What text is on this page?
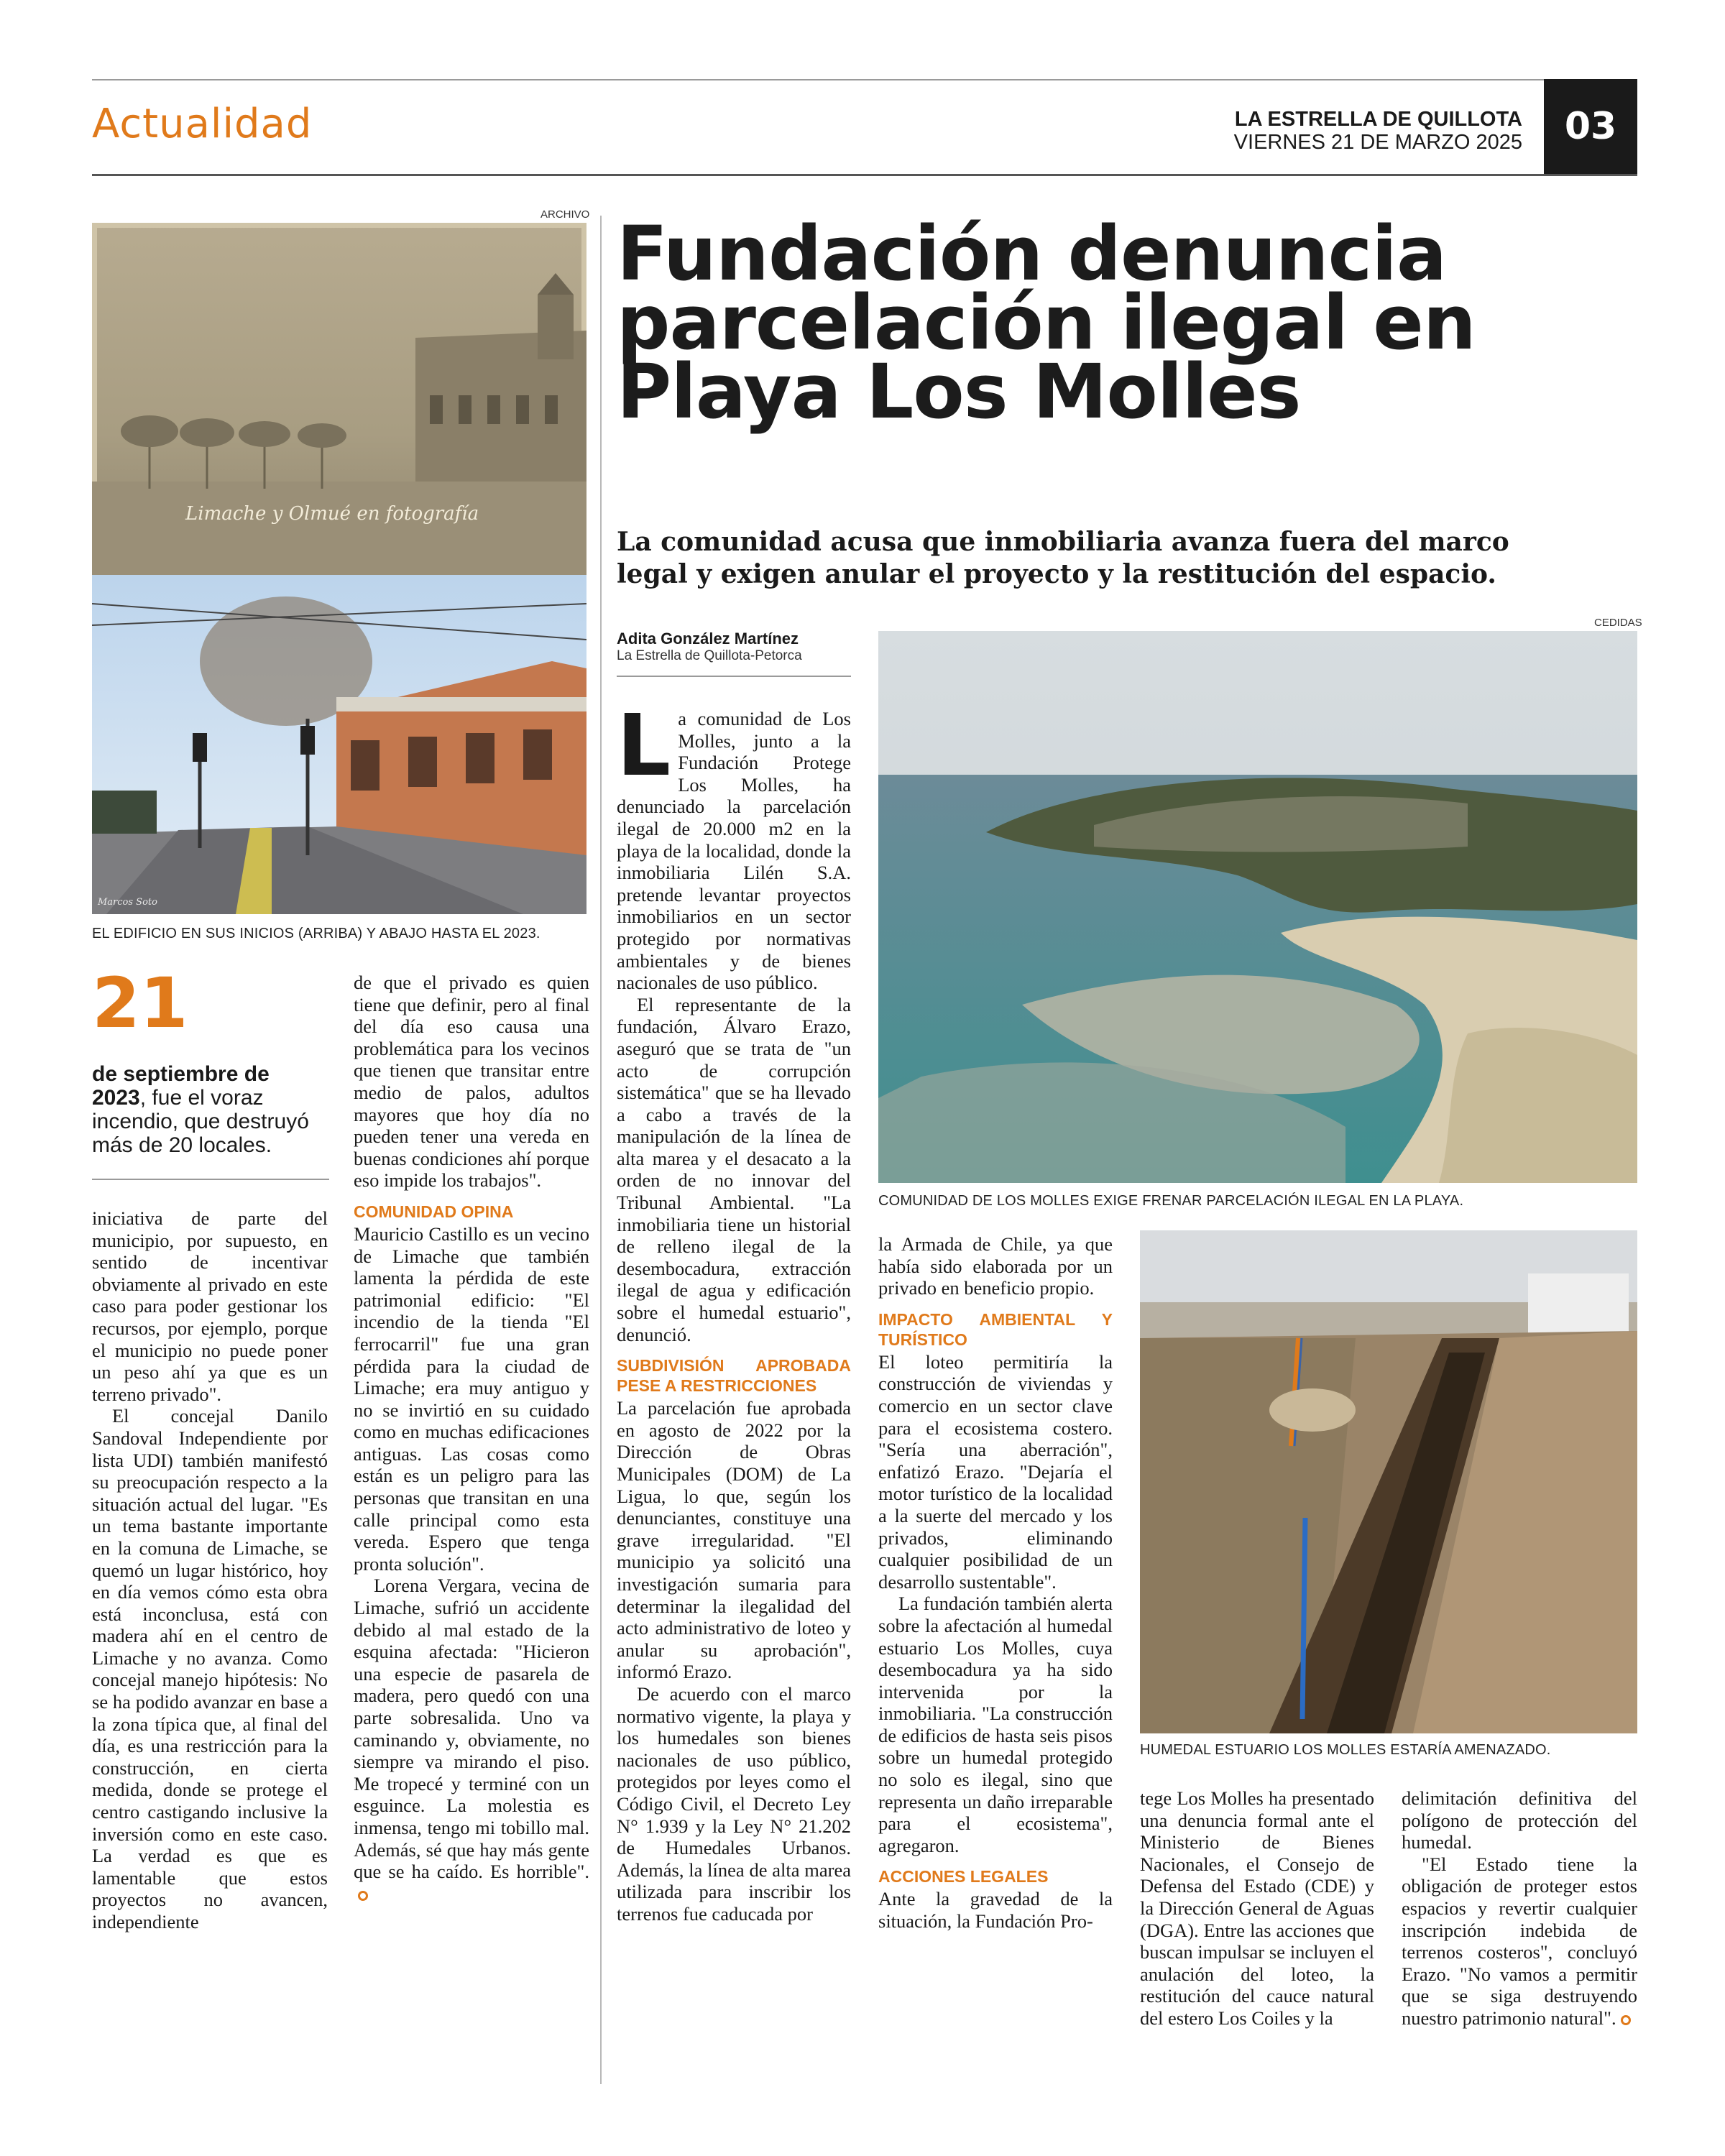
Actualidad	LA ESTRELLA DE QUILLOTA
VIERNES 21 DE MARZO 2025	03
ARCHIVO
Limache y Olmué en fotografía
Marcos Soto
EL EDIFICIO EN SUS INICIOS (ARRIBA) Y ABAJO HASTA EL 2023.
21
de septiembre de 2023, fue el voraz incendio, que destruyó más de 20 locales.

iniciativa de parte del municipio, por supuesto, en sentido de incentivar obviamente al privado en este caso para poder gestionar los recursos, por ejemplo, porque el municipio no puede poner un peso ahí ya que es un terreno privado".

El concejal Danilo Sandoval Independiente por lista UDI) también manifestó su preocupación respecto a la situación actual del lugar. "Es un tema bastante importante en la comuna de Limache, se quemó un lugar histórico, hoy en día vemos cómo esta obra está inconclusa, está con madera ahí en el centro de Limache y no avanza. Como concejal manejo hipótesis: No se ha podido avanzar en base a la zona típica que, al final del día, es una restricción para la construcción, en cierta medida, donde se protege el centro castigando inclusive la inversión como en este caso. La verdad es que es lamentable que estos proyectos no avancen, independiente

de que el privado es quien tiene que definir, pero al final del día eso causa una problemática para los vecinos que tienen que transitar entre medio de palos, adultos mayores que hoy día no pueden tener una vereda en buenas condiciones ahí porque eso impide los trabajos".

COMUNIDAD OPINA

Mauricio Castillo es un vecino de Limache que también lamenta la pérdida de este patrimonial edificio: "El incendio de la tienda "El ferrocarril" fue una gran pérdida para la ciudad de Limache; era muy antiguo y no se invirtió en su cuidado como en muchas edificaciones antiguas. Las cosas como están es un peligro para las personas que transitan en una calle principal como esta vereda. Espero que tenga pronta solución".

Lorena Vergara, vecina de Limache, sufrió un accidente debido al mal estado de la esquina afectada: "Hicieron una especie de pasarela de madera, pero quedó con una parte sobresalida. Uno va caminando y, obviamente, no siempre va mirando el piso. Me tropecé y terminé con un esguince. La molestia es inmensa, tengo mi tobillo mal. Además, sé que hay más gente que se ha caído. Es horrible".

Fundación denuncia parcelación ilegal en Playa Los Molles
La comunidad acusa que inmobiliaria avanza fuera del marco legal y exigen anular el proyecto y la restitución del espacio.
Adita González Martínez
La Estrella de Quillota-Petorca
CEDIDAS
COMUNIDAD DE LOS MOLLES EXIGE FRENAR PARCELACIÓN ILEGAL EN LA PLAYA.
HUMEDAL ESTUARIO LOS MOLLES ESTARÍA AMENAZADO.

La comunidad de Los Molles, junto a la Fundación Protege Los Molles, ha denunciado la parcelación ilegal de 20.000 m2 en la playa de la localidad, donde la inmobiliaria Lilén S.A. pretende levantar proyectos inmobiliarios en un sector protegido por normativas ambientales y de bienes nacionales de uso público.

El representante de la fundación, Álvaro Erazo, aseguró que se trata de "un acto de corrupción sistemática" que se ha llevado a cabo a través de la manipulación de la línea de alta marea y el desacato a la orden de no innovar del Tribunal Ambiental. "La inmobiliaria tiene un historial de relleno ilegal de la desembocadura, extracción ilegal de agua y edificación sobre el humedal estuario", denunció.

SUBDIVISIÓN APROBADA PESE A RESTRICCIONES

La parcelación fue aprobada en agosto de 2022 por la Dirección de Obras Municipales (DOM) de La Ligua, lo que, según los denunciantes, constituye una grave irregularidad. "El municipio ya solicitó una investigación sumaria para determinar la ilegalidad del acto administrativo de loteo y anular su aprobación", informó Erazo.

De acuerdo con el marco normativo vigente, la playa y los humedales son bienes nacionales de uso público, protegidos por leyes como el Código Civil, el Decreto Ley N° 1.939 y la Ley N° 21.202 de Humedales Urbanos. Además, la línea de alta marea utilizada para inscribir los terrenos fue caducada por

la Armada de Chile, ya que había sido elaborada por un privado en beneficio propio.

IMPACTO AMBIENTAL Y TURÍSTICO

El loteo permitiría la construcción de viviendas y comercio en un sector clave para el ecosistema costero. "Sería una aberración", enfatizó Erazo. "Dejaría el motor turístico de la localidad a la suerte del mercado y los privados, eliminando cualquier posibilidad de un desarrollo sustentable".

La fundación también alerta sobre la afectación al humedal estuario Los Molles, cuya desembocadura ya ha sido intervenida por la inmobiliaria. "La construcción de edificios de hasta seis pisos sobre un humedal protegido no solo es ilegal, sino que representa un daño irreparable para el ecosistema", agregaron.

ACCIONES LEGALES

Ante la gravedad de la situación, la Fundación Pro-

tege Los Molles ha presentado una denuncia formal ante el Ministerio de Bienes Nacionales, el Consejo de Defensa del Estado (CDE) y la Dirección General de Aguas (DGA). Entre las acciones que buscan impulsar se incluyen el anulación del loteo, la restitución del cauce natural del estero Los Coiles y la

delimitación definitiva del polígono de protección del humedal.

"El Estado tiene la obligación de proteger estos espacios y revertir cualquier inscripción indebida de terrenos costeros", concluyó Erazo. "No vamos a permitir que se siga destruyendo nuestro patrimonio natural".
